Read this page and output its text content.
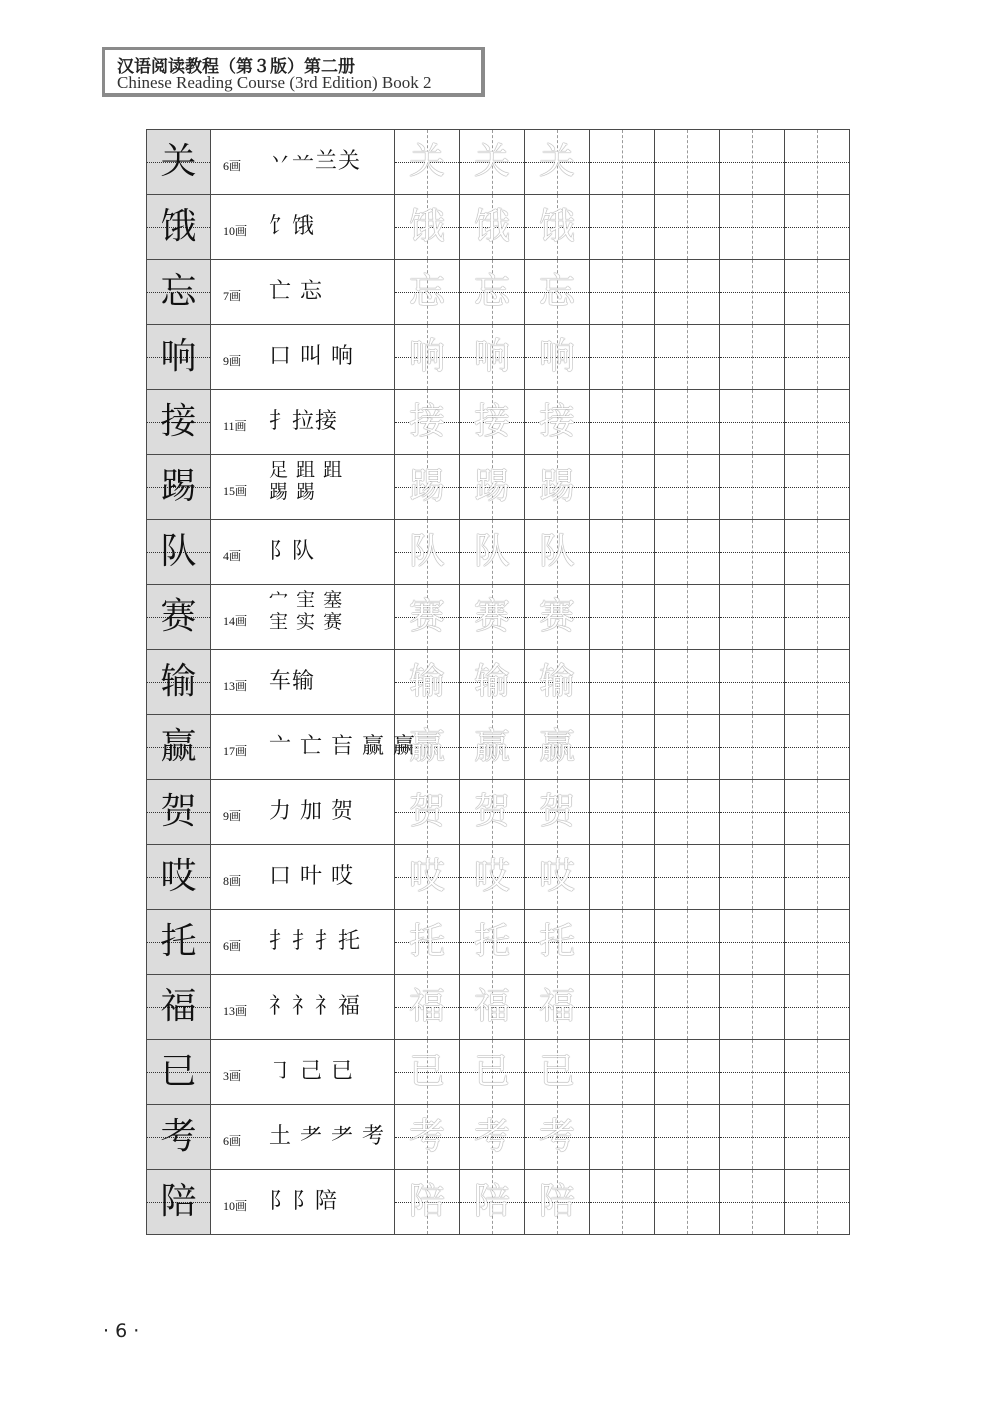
汉语阅读教程（第３版）第二册
Chinese Reading Course (3rd Edition) Book 2
关	6画 丷䒑兰关	关	关	关				

饿	10画 饣饿	饿	饿	饿				

忘	7画 亡 忘	忘	忘	忘				

响	9画 口 叫 响	响	响	响				

接	11画 扌拉接	接	接	接				

踢	15画
足 跙 跙
踢 踢	踢	踢	踢				

队	4画 阝队	队	队	队				

赛	14画
宀 宔 塞
宔 实 赛	赛	赛	赛				

输	13画 车输	输	输	输				

赢	17画 亠 亡 吂 赢 赢	赢	赢	赢				

贺	9画 力 加 贺	贺	贺	贺				

哎	8画 口 叶 哎	哎	哎	哎				

托	6画 扌扌扌托	托	托	托				

福	13画 礻礻礻福	福	福	福				

已	3画 ㇆ 己 已	已	已	已				

考	6画 土 耂 耂 考	考	考	考				

陪	10画 阝阝陪	陪	陪	陪				

· 6 ·
